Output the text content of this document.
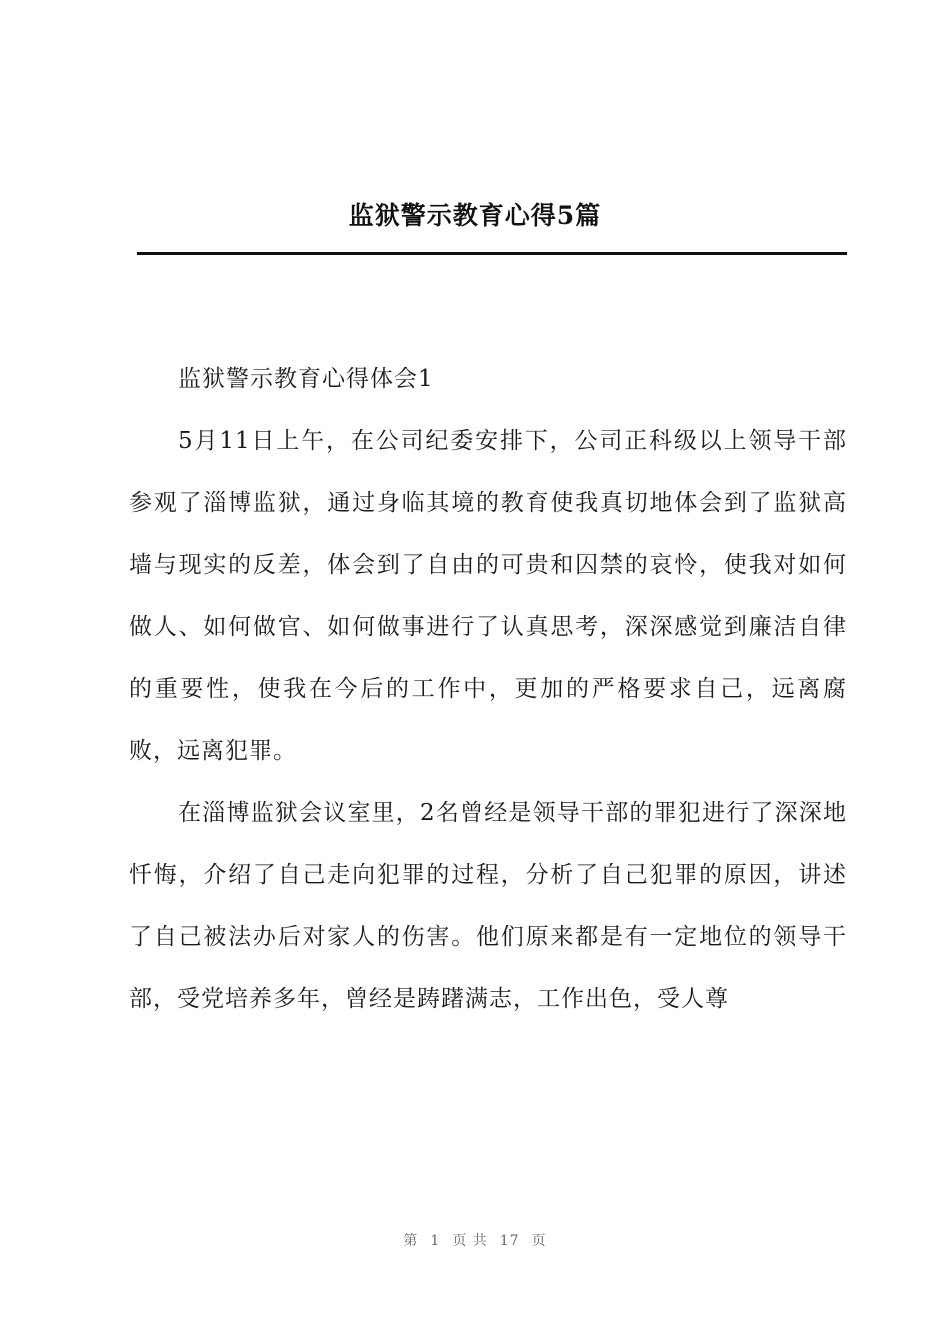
监狱警示教育心得5篇

监狱警示教育心得体会1

5月11日上午，在公司纪委安排下，公司正科级以上领导干部参观了淄博监狱，通过身临其境的教育使我真切地体会到了监狱高墙与现实的反差，体会到了自由的可贵和囚禁的哀怜，使我对如何做人、如何做官、如何做事进行了认真思考，深深感觉到廉洁自律的重要性，使我在今后的工作中，更加的严格要求自己，远离腐败，远离犯罪。

在淄博监狱会议室里，2名曾经是领导干部的罪犯进行了深深地忏悔，介绍了自己走向犯罪的过程，分析了自己犯罪的原因，讲述了自己被法办后对家人的伤害。他们原来都是有一定地位的领导干部，受党培养多年，曾经是踌躇满志，工作出色，受人尊

第 1 页 共 17 页
